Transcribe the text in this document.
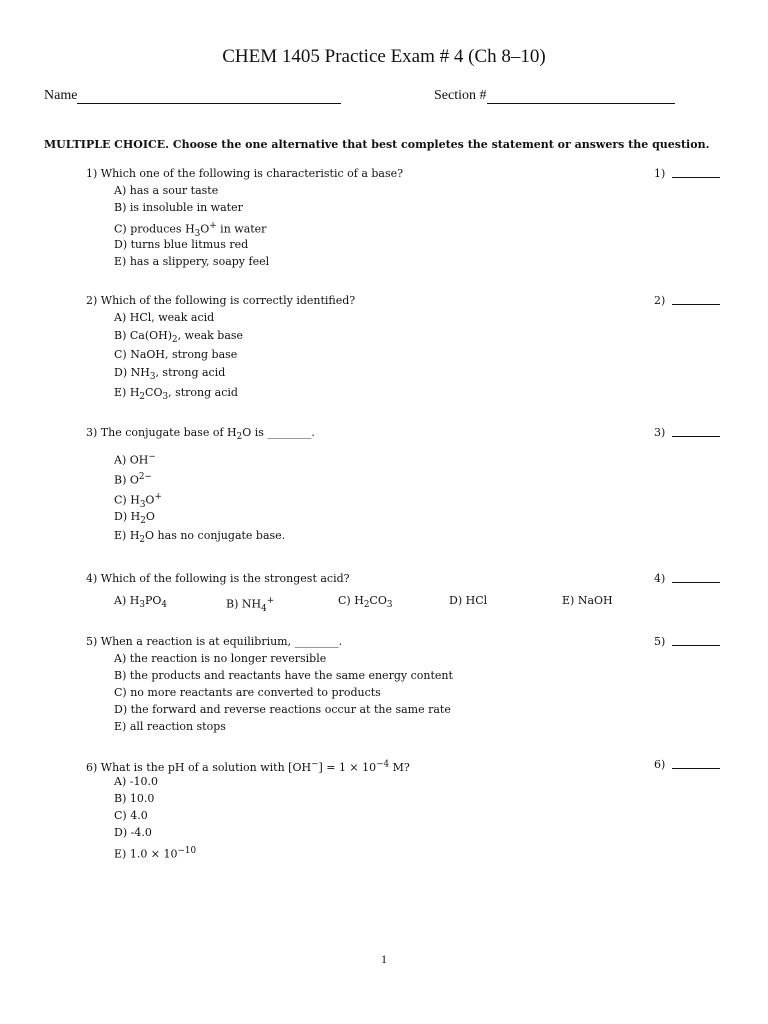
CHEM 1405 Practice Exam # 4 (Ch 8–10)
Name	Section #
MULTIPLE CHOICE. Choose the one alternative that best completes the statement or answers the question.
1) Which one of the following is characteristic of a base?	1)
A) has a sour taste
B) is insoluble in water
C) produces $H_3O^+$ in water
D) turns blue litmus red
E) has a slippery, soapy feel
2) Which of the following is correctly identified?	2)
A) HCl, weak acid
B) $Ca(OH)_2$, weak base
C) NaOH, strong base
D) $NH_3$, strong acid
E) $H_2CO_3$, strong acid
3) The conjugate base of $H_2O$ is ________.	3)
A) OH−
B) $O^{2-}$
C) $H_3O^+$
D) $H_2O$
E) $H_2O$ has no conjugate base.
4) Which of the following is the strongest acid?	4)
A) $H_3PO_4$	B) $NH_4^+$	C) $H_2CO_3$	D) HCl	E) NaOH
5) When a reaction is at equilibrium, ________.	5)
A) the reaction is no longer reversible
B) the products and reactants have the same energy content
C) no more reactants are converted to products
D) the forward and reverse reactions occur at the same rate
E) all reaction stops
6) What is the pH of a solution with $[OH^-] = 1 \times 10^{-4}$ M?	6)
A) -10.0
B) 10.0
C) 4.0
D) -4.0
E) $1.0 \times 10^{-10}$
1
